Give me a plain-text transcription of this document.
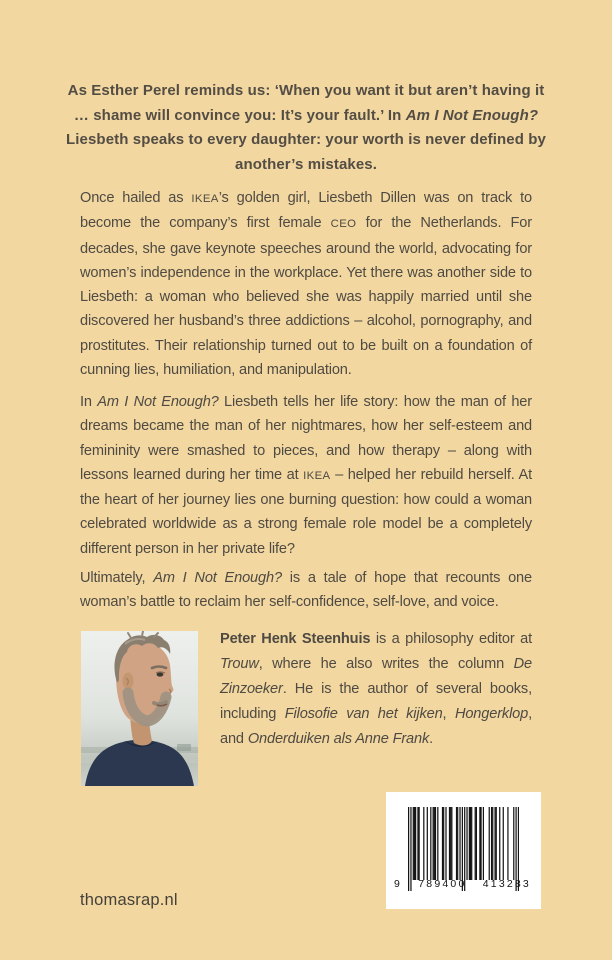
As Esther Perel reminds us: ‘When you want it but aren’t having it … shame will convince you: It’s your fault.’ In Am I Not Enough? Liesbeth speaks to every daughter: your worth is never defined by another’s mistakes.

Once hailed as IKEA’s golden girl, Liesbeth Dillen was on track to become the company’s first female CEO for the Netherlands. For decades, she gave keynote speeches around the world, advocating for women’s independence in the workplace. Yet there was another side to Liesbeth: a woman who believed she was happily married until she discovered her husband’s three addictions – alcohol, pornography, and prostitutes. Their relationship turned out to be built on a foundation of cunning lies, humiliation, and manipulation.

In Am I Not Enough? Liesbeth tells her life story: how the man of her dreams became the man of her nightmares, how her self-esteem and femininity were smashed to pieces, and how therapy – along with lessons learned during her time at IKEA – helped her rebuild herself. At the heart of her journey lies one burning question: how could a woman celebrated worldwide as a strong female role model be a completely different person in her private life?

Ultimately, Am I Not Enough? is a tale of hope that recounts one woman’s battle to reclaim her self-confidence, self-love, and voice.

Peter Henk Steenhuis is a philosophy editor at Trouw, where he also writes the column De Zinzoeker. He is the author of several books, including Filosofie van het kijken, Hongerklop, and Onderduiken als Anne Frank.

thomasrap.nl
9 789400 413283
